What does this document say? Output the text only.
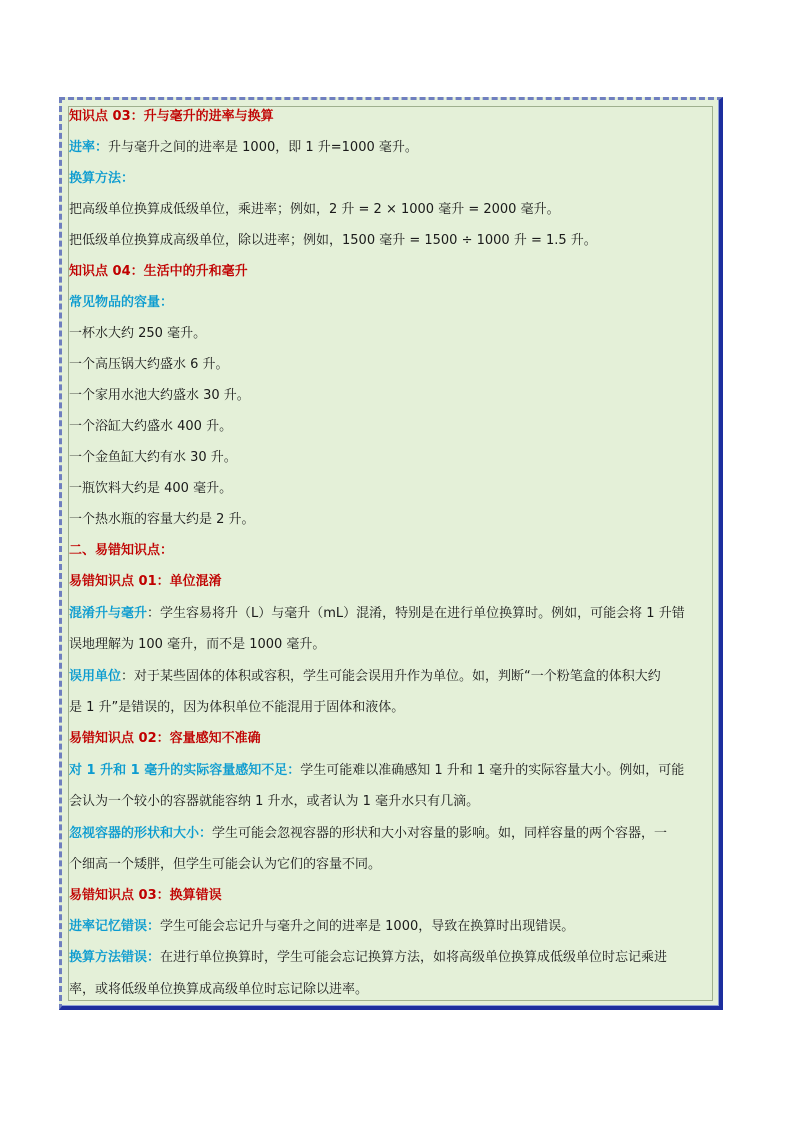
知识点 03：升与毫升的进率与换算
进率：升与毫升之间的进率是 1000，即 1 升=1000 毫升。
换算方法：
把高级单位换算成低级单位，乘进率；例如，2 升 = 2 × 1000 毫升 = 2000 毫升。
把低级单位换算成高级单位，除以进率；例如，1500 毫升 = 1500 ÷ 1000 升 = 1.5 升。
知识点 04：生活中的升和毫升
常见物品的容量：
一杯水大约 250 毫升。
一个高压锅大约盛水 6 升。
一个家用水池大约盛水 30 升。
一个浴缸大约盛水 400 升。
一个金鱼缸大约有水 30 升。
一瓶饮料大约是 400 毫升。
一个热水瓶的容量大约是 2 升。
二、易错知识点：
易错知识点 01：单位混淆
混淆升与毫升：学生容易将升（L）与毫升（mL）混淆，特别是在进行单位换算时。例如，可能会将 1 升错
误地理解为 100 毫升，而不是 1000 毫升。
误用单位：对于某些固体的体积或容积，学生可能会误用升作为单位。如，判断“一个粉笔盒的体积大约
是 1 升”是错误的，因为体积单位不能混用于固体和液体。
易错知识点 02：容量感知不准确
对 1 升和 1 毫升的实际容量感知不足：学生可能难以准确感知 1 升和 1 毫升的实际容量大小。例如，可能
会认为一个较小的容器就能容纳 1 升水，或者认为 1 毫升水只有几滴。
忽视容器的形状和大小：学生可能会忽视容器的形状和大小对容量的影响。如，同样容量的两个容器，一
个细高一个矮胖，但学生可能会认为它们的容量不同。
易错知识点 03：换算错误
进率记忆错误：学生可能会忘记升与毫升之间的进率是 1000，导致在换算时出现错误。
换算方法错误：在进行单位换算时，学生可能会忘记换算方法，如将高级单位换算成低级单位时忘记乘进
率，或将低级单位换算成高级单位时忘记除以进率。
